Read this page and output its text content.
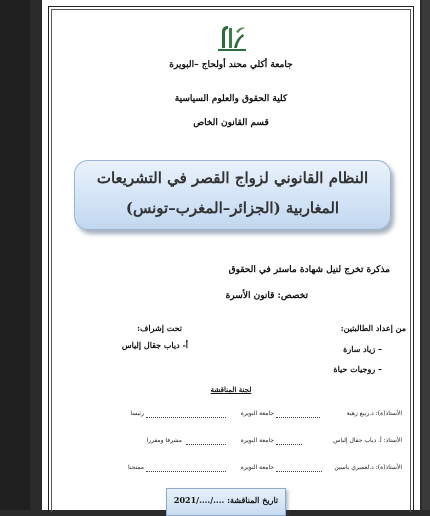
جامعة أكلي محند أولحاج –البويرة
كلية الحقوق والعلوم السياسية
قسم القانون الخاص
النظام القانوني لزواج القصر في التشريعات
المغاربية (الجزائر–المغرب–تونس)
مذكرة تخرج لنيل شهادة ماستر في الحقوق
تخصص: قانون الأسرة
من إعداد الطالبتين:
– زياد سارة
– روجيات حياة
تحت إشراف:
أ- دياب جقال إلياس
لجنة المناقشة
الأستاذ(ة): د.ربيع زهية
جامعة البويرة
رئيسا
الأستاذ: أ. دياب جقال إلياس
جامعة البويرة
مشرفا ومقررا
الأستاذ(ة): د.لعميري ياسين
جامعة البويرة
ممتحنا
تاريخ المناقشة: ..../..../2021
